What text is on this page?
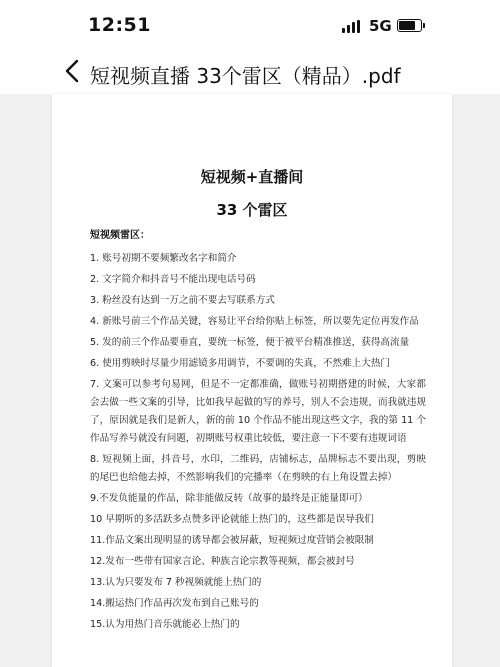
12:51	5G
短视频直播 33个雷区（精品）.pdf
短视频+直播间
33 个雷区
短视频雷区：
1. 账号初期不要频繁改名字和简介
2. 文字简介和抖音号不能出现电话号码
3. 粉丝没有达到一万之前不要去写联系方式
4. 新账号前三个作品关键，容易让平台给你贴上标签，所以要先定位再发作品
5. 发的前三个作品要垂直，要统一标签，便于被平台精准推送，获得高流量
6. 使用剪映时尽量少用滤镜多用调节，不要调的失真，不然难上大热门
7. 文案可以参考句易网，但是不一定都准确，做账号初期搭建的时候，大家都会去做一些文案的引导，比如我早起做的写的养号，别人不会违规，而我就违规了，原因就是我们是新人，新的前 10 个作品不能出现这些文字，我的第 11 个作品写养号就没有问题，初期账号权重比较低，要注意一下不要有违规词语
8. 短视频上面，抖音号，水印，二维码，店铺标志，品牌标志不要出现，剪映的尾巴也给他去掉，不然影响我们的完播率（在剪映的右上角设置去掉）
9.不发负能量的作品，除非能做反转（故事的最终是正能量即可）
10 早期听的多活跃多点赞多评论就能上热门的，这些都是误导我们
11.作品文案出现明显的诱导都会被屏蔽，短视频过度营销会被限制
12.发布一些带有国家言论、种族言论宗教等视频，都会被封号
13.认为只要发布 7 秒视频就能上热门的
14.搬运热门作品再次发布到自己账号的
15.认为用热门音乐就能必上热门的
